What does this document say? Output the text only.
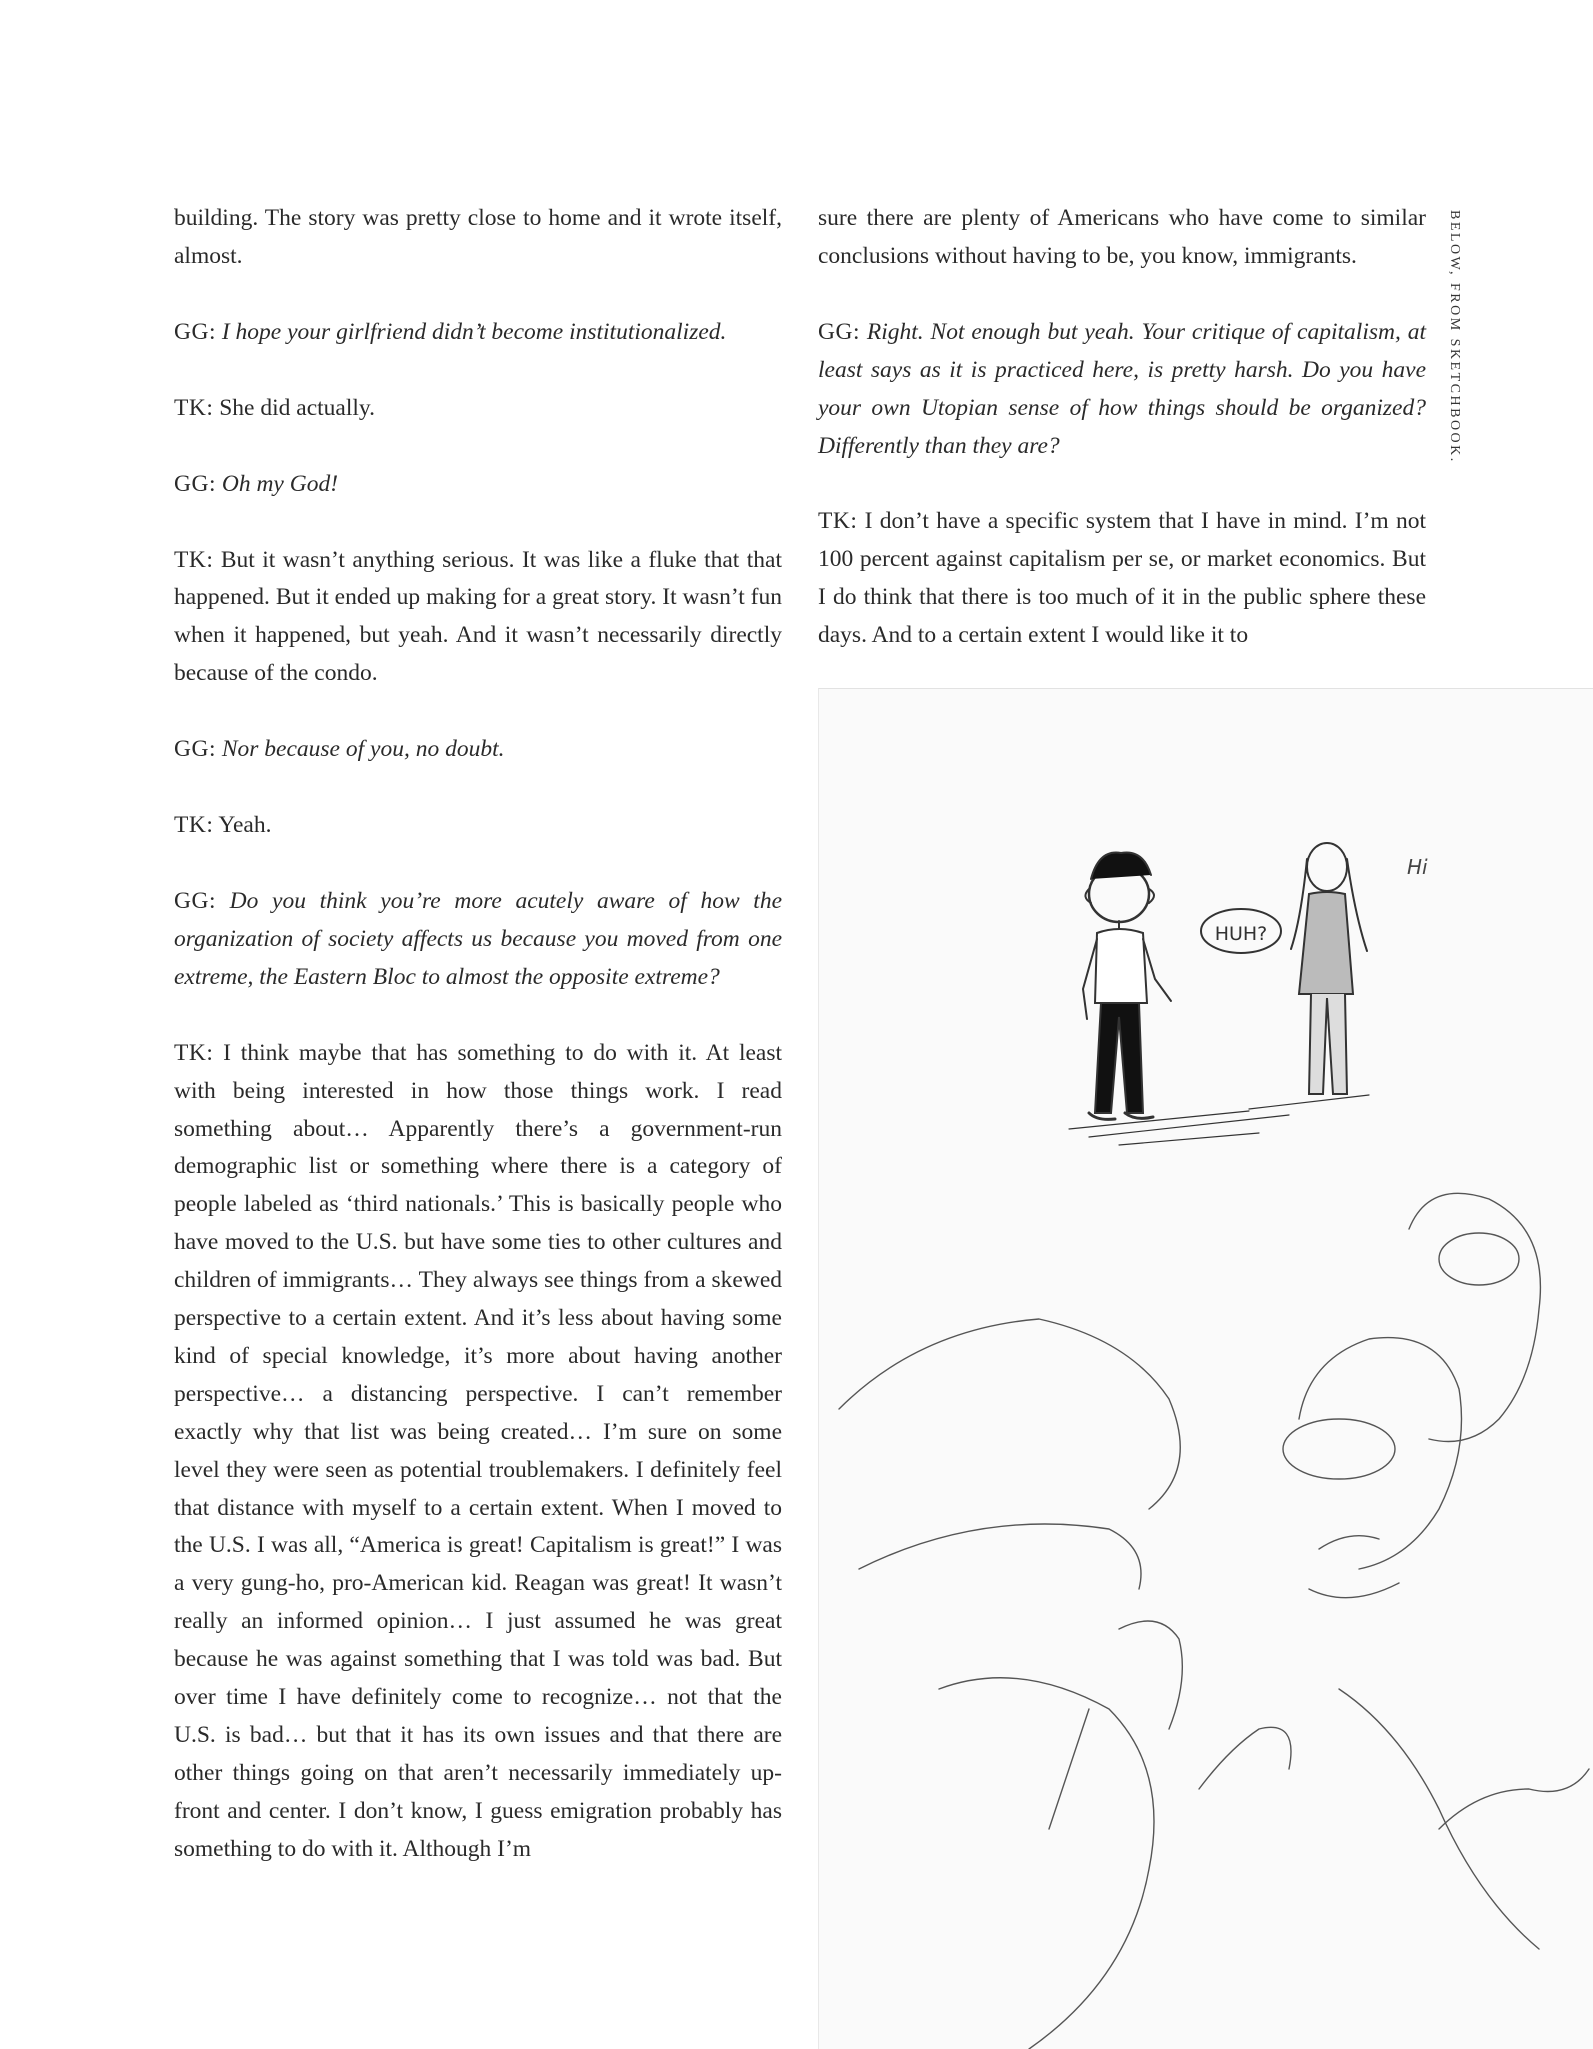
building. The story was pretty close to home and it wrote itself, almost.

GG: I hope your girlfriend didn’t become institutionalized.

TK: She did actually.

GG: Oh my God!

TK: But it wasn’t anything serious. It was like a fluke that that happened. But it ended up making for a great story. It wasn’t fun when it happened, but yeah. And it wasn’t necessarily directly because of the condo.

GG: Nor because of you, no doubt.

TK: Yeah.

GG: Do you think you’re more acutely aware of how the organization of society affects us because you moved from one extreme, the Eastern Bloc to almost the opposite extreme?

TK: I think maybe that has something to do with it. At least with being interested in how those things work. I read something about… Apparently there’s a government-run demographic list or something where there is a category of people labeled as ‘third nationals.’ This is basically people who have moved to the U.S. but have some ties to other cultures and children of immigrants… They always see things from a skewed perspective to a certain extent. And it’s less about having some kind of special knowledge, it’s more about having another perspective… a distancing perspective. I can’t remember exactly why that list was being created… I’m sure on some level they were seen as potential troublemakers. I definitely feel that distance with myself to a certain extent. When I moved to the U.S. I was all, “America is great! Capitalism is great!” I was a very gung-ho, pro-American kid. Reagan was great! It wasn’t really an informed opinion… I just assumed he was great because he was against something that I was told was bad. But over time I have definitely come to recognize… not that the U.S. is bad… but that it has its own issues and that there are other things going on that aren’t necessarily immediately up-front and center. I don’t know, I guess emigration probably has something to do with it. Although I’m

sure there are plenty of Americans who have come to similar conclusions without having to be, you know, immigrants.

GG: Right. Not enough but yeah. Your critique of capitalism, at least says as it is practiced here, is pretty harsh. Do you have your own Utopian sense of how things should be organized? Differently than they are?

TK: I don’t have a specific system that I have in mind. I’m not 100 percent against capitalism per se, or market economics. But I do think that there is too much of it in the public sphere these days. And to a certain extent I would like it to

BELOW, FROM SKETCHBOOK.
HUH?
Hi
